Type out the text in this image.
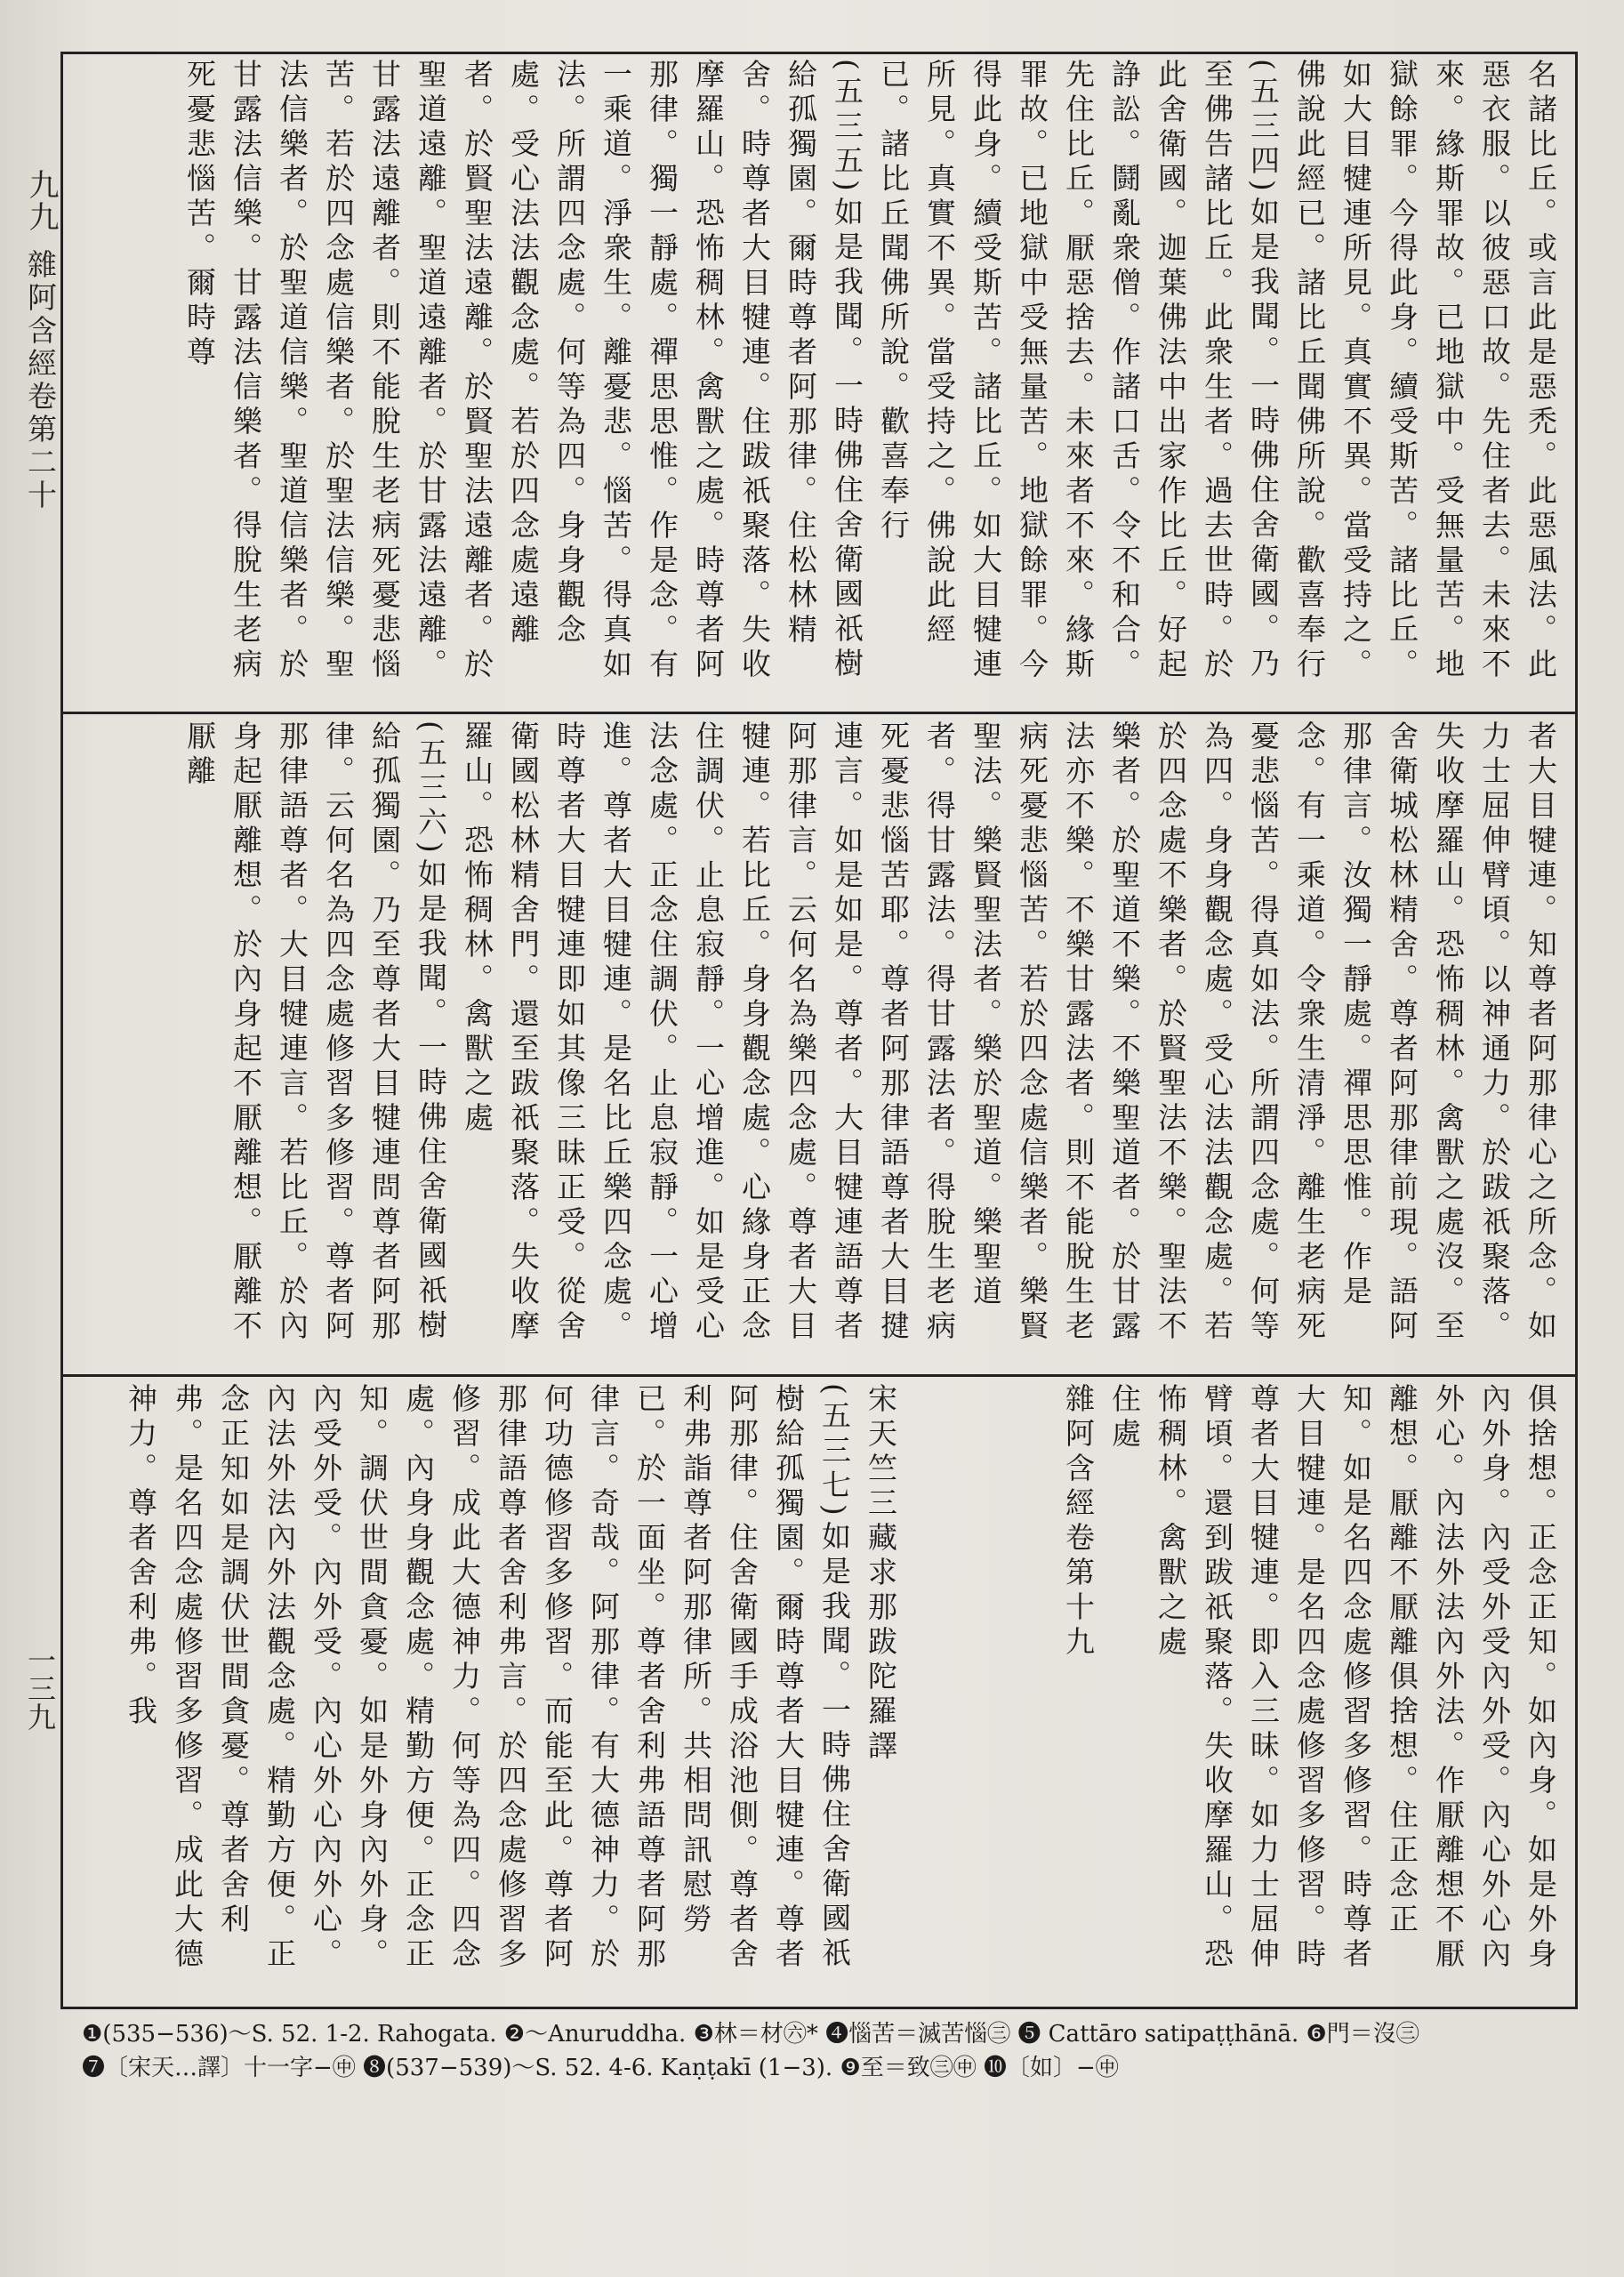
九九
雜阿含經卷第二十
一三九

名諸比丘。或言此是惡禿。此惡風法。此惡衣服。以彼惡口故。先住者去。未來不來。緣斯罪故。已地獄中。受無量苦。地獄餘罪。今得此身。續受斯苦。諸比丘。如大目犍連所見。真實不異。當受持之。佛說此經已。諸比丘聞佛所說。歡喜奉行

(五三四)如是我聞。一時佛住舍衛國。乃至佛告諸比丘。此衆生者。過去世時。於此舍衛國。迦葉佛法中出家作比丘。好起諍訟。鬪亂衆僧。作諸口舌。令不和合。先住比丘。厭惡捨去。未來者不來。緣斯罪故。已地獄中受無量苦。地獄餘罪。今得此身。續受斯苦。諸比丘。如大目犍連所見。真實不異。當受持之。佛說此經已。諸比丘聞佛所說。歡喜奉行

(五三五)如是我聞。一時佛住舍衛國祇樹給孤獨園。爾時尊者阿那律。住松林精舍。時尊者大目犍連。住跋祇聚落。失收摩羅山。恐怖稠林。禽獸之處。時尊者阿那律。獨一靜處。禪思思惟。作是念。有一乘道。淨衆生。離憂悲。惱苦。得真如法。所謂四念處。何等為四。身身觀念處。受心法法觀念處。若於四念處遠離者。於賢聖法遠離。於賢聖法遠離者。於聖道遠離。聖道遠離者。於甘露法遠離。甘露法遠離者。則不能脫生老病死憂悲惱苦。若於四念處信樂者。於聖法信樂。聖法信樂者。於聖道信樂。聖道信樂者。於甘露法信樂。甘露法信樂者。得脫生老病死憂悲惱苦。爾時尊

者大目犍連。知尊者阿那律心之所念。如力士屈伸臂頃。以神通力。於跋祇聚落。失收摩羅山。恐怖稠林。禽獸之處沒。至舍衛城松林精舍。尊者阿那律前現。語阿那律言。汝獨一靜處。禪思思惟。作是念。有一乘道。令衆生清淨。離生老病死憂悲惱苦。得真如法。所謂四念處。何等為四。身身觀念處。受心法法觀念處。若於四念處不樂者。於賢聖法不樂。聖法不樂者。於聖道不樂。不樂聖道者。於甘露法亦不樂。不樂甘露法者。則不能脫生老病死憂悲惱苦。若於四念處信樂者。樂賢聖法。樂賢聖法者。樂於聖道。樂聖道者。得甘露法。得甘露法者。得脫生老病死憂悲惱苦耶。尊者阿那律語尊者大目揵連言。如是如是。尊者。大目犍連語尊者阿那律言。云何名為樂四念處。尊者大目犍連。若比丘。身身觀念處。心緣身正念住調伏。止息寂靜。一心增進。如是受心法念處。正念住調伏。止息寂靜。一心增進。尊者大目犍連。是名比丘樂四念處。時尊者大目犍連即如其像三昧正受。從舍衛國松林精舍門。還至跋祇聚落。失收摩羅山。恐怖稠林。禽獸之處

(五三六)如是我聞。一時佛住舍衛國祇樹給孤獨園。乃至尊者大目犍連問尊者阿那律。云何名為四念處修習多修習。尊者阿那律語尊者。大目犍連言。若比丘。於內身起厭離想。於內身起不厭離想。厭離不厭離

俱捨想。正念正知。如內身。如是外身內外身。內受外受內外受。內心外心內外心。內法外法內外法。作厭離想不厭離想。厭離不厭離俱捨想。住正念正知。如是名四念處修習多修習。時尊者大目犍連。是名四念處修習多修習。時尊者大目犍連。即入三昧。如力士屈伸臂頃。還到跋祇聚落。失收摩羅山。恐怖稠林。禽獸之處

住處

雜阿含經卷第十九

宋天竺三藏求那跋陀羅譯

(五三七)如是我聞。一時佛住舍衛國祇樹給孤獨園。爾時尊者大目犍連。尊者阿那律。住舍衛國手成浴池側。尊者舍利弗詣尊者阿那律所。共相問訊慰勞已。於一面坐。尊者舍利弗語尊者阿那律言。奇哉。阿那律。有大德神力。於何功德修習多修習。而能至此。尊者阿那律語尊者舍利弗言。於四念處修習多修習。成此大德神力。何等為四。四念處。內身身觀念處。精勤方便。正念正知。調伏世間貪憂。如是外身內外身。內受外受。內外受。內心外心內外心。內法外法內外法觀念處。精勤方便。正念正知如是調伏世間貪憂。尊者舍利弗。是名四念處修習多修習。成此大德神力。尊者舍利弗。我

❶(535−536)〜S. 52. 1-2. Rahogata. ❷〜Anuruddha. ❸林＝材㊅* ❹惱苦＝滅苦惱㊂ ❺ Cattāro satipaṭṭhānā. ❻門＝沒㊂
❼〔宋天…譯〕十一字−㊥ ❽(537−539)〜S. 52. 4-6. Kaṇṭakī (1−3). ❾至＝致㊂㊥ ❿〔如〕−㊥
